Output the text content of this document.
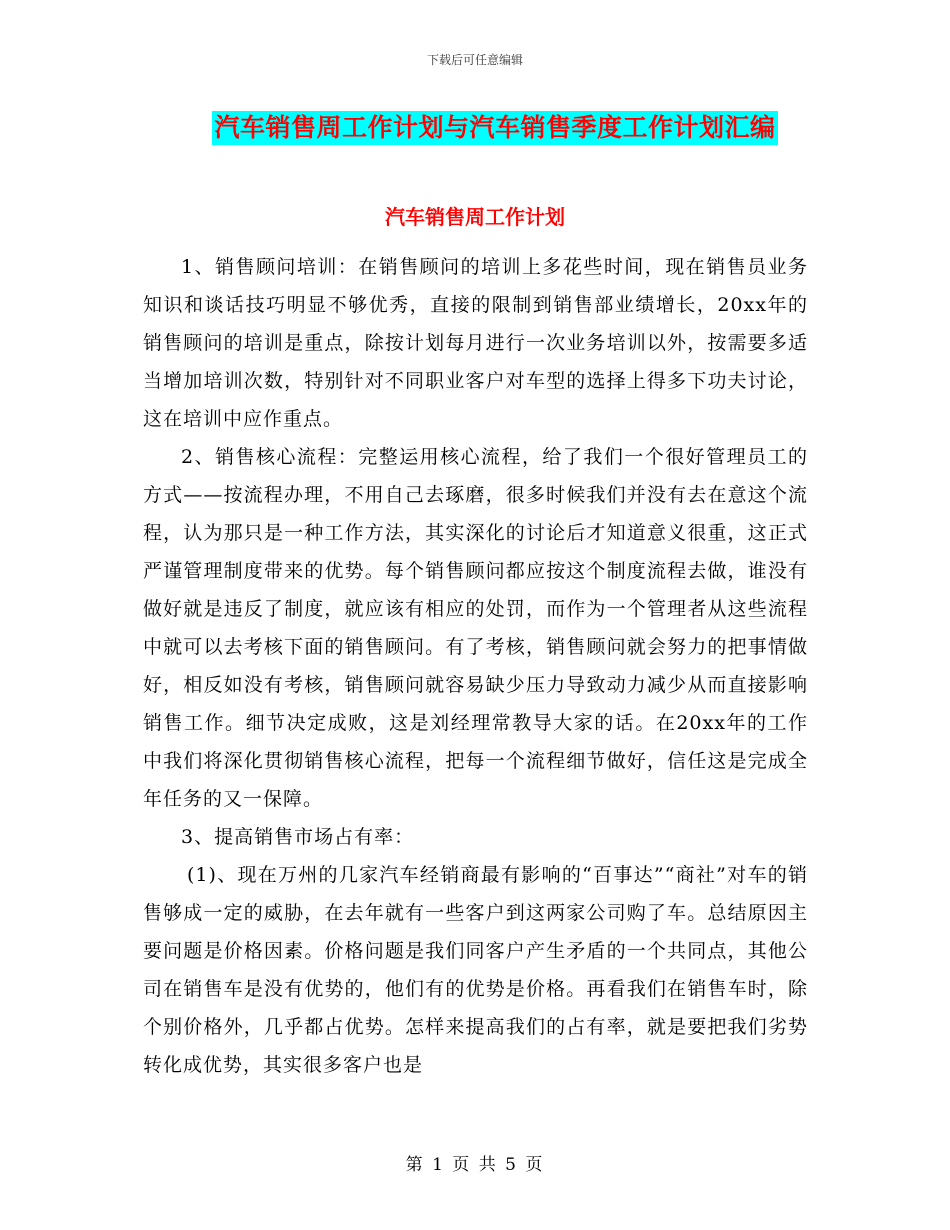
下载后可任意编辑
汽车销售周工作计划与汽车销售季度工作计划汇编
汽车销售周工作计划

1、销售顾问培训：在销售顾问的培训上多花些时间，现在销售员业务知识和谈话技巧明显不够优秀，直接的限制到销售部业绩增长，20xx年的销售顾问的培训是重点，除按计划每月进行一次业务培训以外，按需要多适当增加培训次数，特别针对不同职业客户对车型的选择上得多下功夫讨论，这在培训中应作重点。

2、销售核心流程：完整运用核心流程，给了我们一个很好管理员工的方式——按流程办理，不用自己去琢磨，很多时候我们并没有去在意这个流程，认为那只是一种工作方法，其实深化的讨论后才知道意义很重，这正式严谨管理制度带来的优势。每个销售顾问都应按这个制度流程去做，谁没有做好就是违反了制度，就应该有相应的处罚，而作为一个管理者从这些流程中就可以去考核下面的销售顾问。有了考核，销售顾问就会努力的把事情做好，相反如没有考核，销售顾问就容易缺少压力导致动力减少从而直接影响销售工作。细节决定成败，这是刘经理常教导大家的话。在20xx年的工作中我们将深化贯彻销售核心流程，把每一个流程细节做好，信任这是完成全年任务的又一保障。

3、提高销售市场占有率：

(1)、现在万州的几家汽车经销商最有影响的“百事达”“商社”对车的销售够成一定的威胁，在去年就有一些客户到这两家公司购了车。总结原因主要问题是价格因素。价格问题是我们同客户产生矛盾的一个共同点，其他公司在销售车是没有优势的，他们有的优势是价格。再看我们在销售车时，除个别价格外，几乎都占优势。怎样来提高我们的占有率，就是要把我们劣势转化成优势，其实很多客户也是

第 1 页 共 5 页
